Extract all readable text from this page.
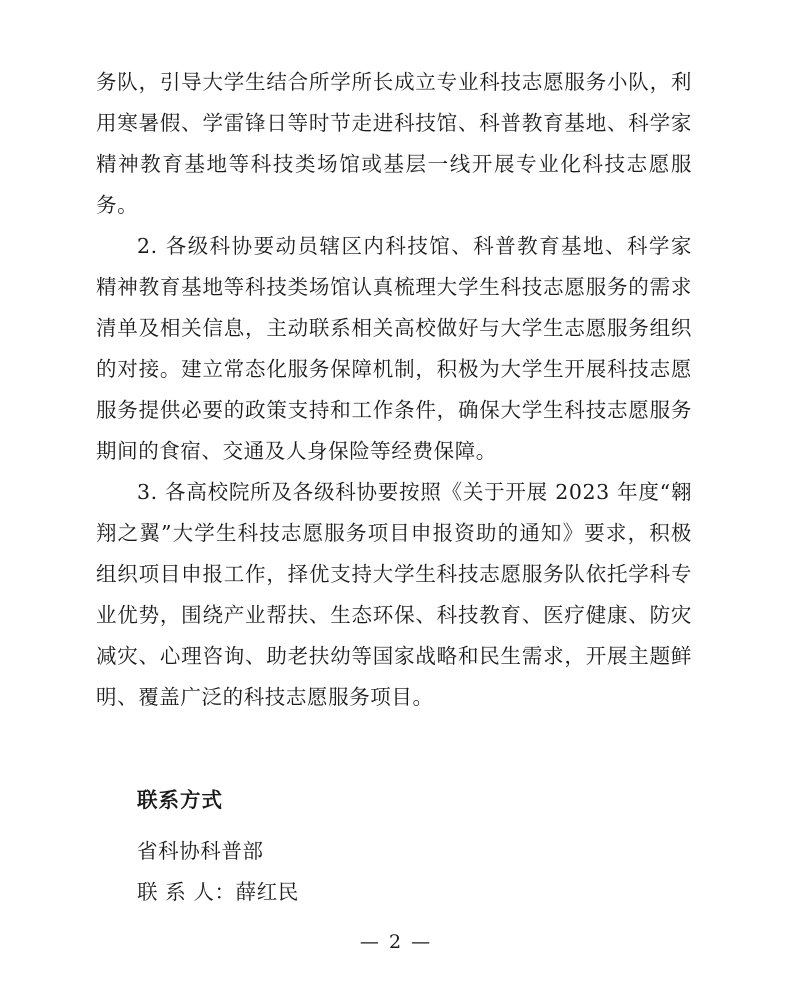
务队，引导大学生结合所学所长成立专业科技志愿服务小队，利用寒暑假、学雷锋日等时节走进科技馆、科普教育基地、科学家精神教育基地等科技类场馆或基层一线开展专业化科技志愿服务。

2. 各级科协要动员辖区内科技馆、科普教育基地、科学家精神教育基地等科技类场馆认真梳理大学生科技志愿服务的需求清单及相关信息，主动联系相关高校做好与大学生志愿服务组织的对接。建立常态化服务保障机制，积极为大学生开展科技志愿服务提供必要的政策支持和工作条件，确保大学生科技志愿服务期间的食宿、交通及人身保险等经费保障。

3. 各高校院所及各级科协要按照《关于开展 2023 年度“翱翔之翼”大学生科技志愿服务项目申报资助的通知》要求，积极组织项目申报工作，择优支持大学生科技志愿服务队依托学科专业优势，围绕产业帮扶、生态环保、科技教育、医疗健康、防灾减灾、心理咨询、助老扶幼等国家战略和民生需求，开展主题鲜明、覆盖广泛的科技志愿服务项目。

联系方式

省科协科普部

联 系 人：薛红民

— 2 —
